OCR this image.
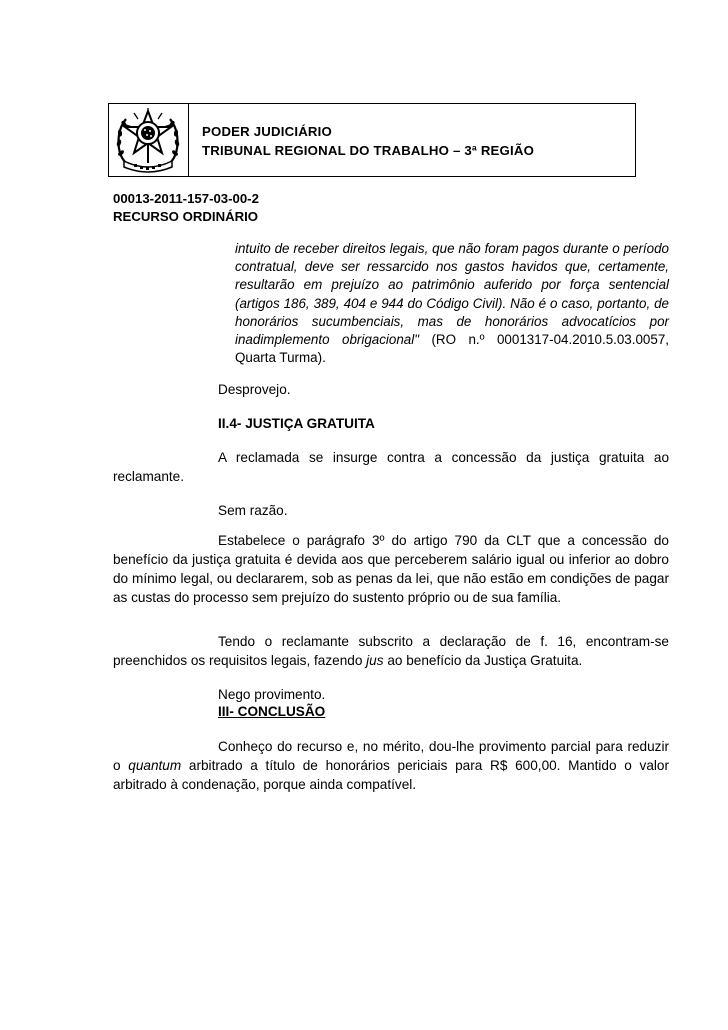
PODER JUDICIÁRIO
TRIBUNAL REGIONAL DO TRABALHO – 3ª REGIÃO
00013-2011-157-03-00-2
RECURSO ORDINÁRIO
intuito de receber direitos legais, que não foram pagos durante o período contratual, deve ser ressarcido nos gastos havidos que, certamente, resultarão em prejuízo ao patrimônio auferido por força sentencial (artigos 186, 389, 404 e 944 do Código Civil). Não é o caso, portanto, de honorários sucumbenciais, mas de honorários advocatícios por inadimplemento obrigacional" (RO n.º 0001317-04.2010.5.03.0057, Quarta Turma).
Desprovejo.
II.4- JUSTIÇA GRATUITA
A reclamada se insurge contra a concessão da justiça gratuita ao reclamante.
Sem razão.
Estabelece o parágrafo 3º do artigo 790 da CLT que a concessão do benefício da justiça gratuita é devida aos que perceberem salário igual ou inferior ao dobro do mínimo legal, ou declararem, sob as penas da lei, que não estão em condições de pagar as custas do processo sem prejuízo do sustento próprio ou de sua família.
Tendo o reclamante subscrito a declaração de f. 16, encontram-se preenchidos os requisitos legais, fazendo jus ao benefício da Justiça Gratuita.
Nego provimento.
III- CONCLUSÃO
Conheço do recurso e, no mérito, dou-lhe provimento parcial para reduzir o quantum arbitrado a título de honorários periciais para R$ 600,00. Mantido o valor arbitrado à condenação, porque ainda compatível.
